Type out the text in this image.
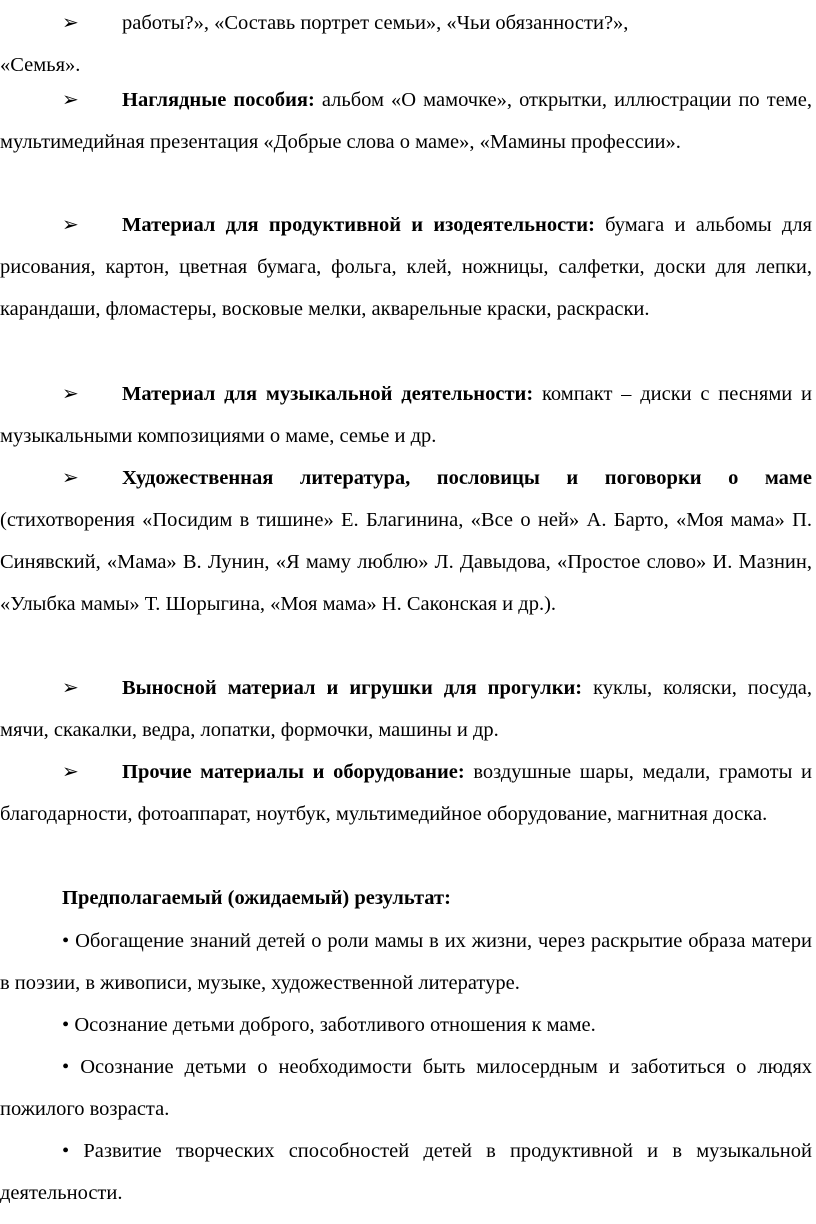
➢ работы?», «Составь портрет семьи», «Чьи обязанности?»,
«Семья».

➢ Наглядные пособия: альбом «О мамочке», открытки, иллюстрации по теме, мультимедийная презентация «Добрые слова о маме», «Мамины профессии».

➢ Материал для продуктивной и изодеятельности: бумага и альбомы для рисования, картон, цветная бумага, фольга, клей, ножницы, салфетки, доски для лепки, карандаши, фломастеры, восковые мелки, акварельные краски, раскраски.

➢ Материал для музыкальной деятельности: компакт – диски с песнями и музыкальными композициями о маме, семье и др.

➢ Художественная литература, пословицы и поговорки о маме (стихотворения «Посидим в тишине» Е. Благинина, «Все о ней» А. Барто, «Моя мама» П. Синявский, «Мама» В. Лунин, «Я маму люблю» Л. Давыдова, «Простое слово» И. Мазнин, «Улыбка мамы» Т. Шорыгина, «Моя мама» Н. Саконская и др.).

➢ Выносной материал и игрушки для прогулки: куклы, коляски, посуда, мячи, скакалки, ведра, лопатки, формочки, машины и др.

➢ Прочие материалы и оборудование: воздушные шары, медали, грамоты и благодарности, фотоаппарат, ноутбук, мультимедийное оборудование, магнитная доска.

Предполагаемый (ожидаемый) результат:

• Обогащение знаний детей о роли мамы в их жизни, через раскрытие образа матери в поэзии, в живописи, музыке, художественной литературе.

• Осознание детьми доброго, заботливого отношения к маме.

• Осознание детьми о необходимости быть милосердным и заботиться о людях пожилого возраста.

• Развитие творческих способностей детей в продуктивной и в музыкальной деятельности.
